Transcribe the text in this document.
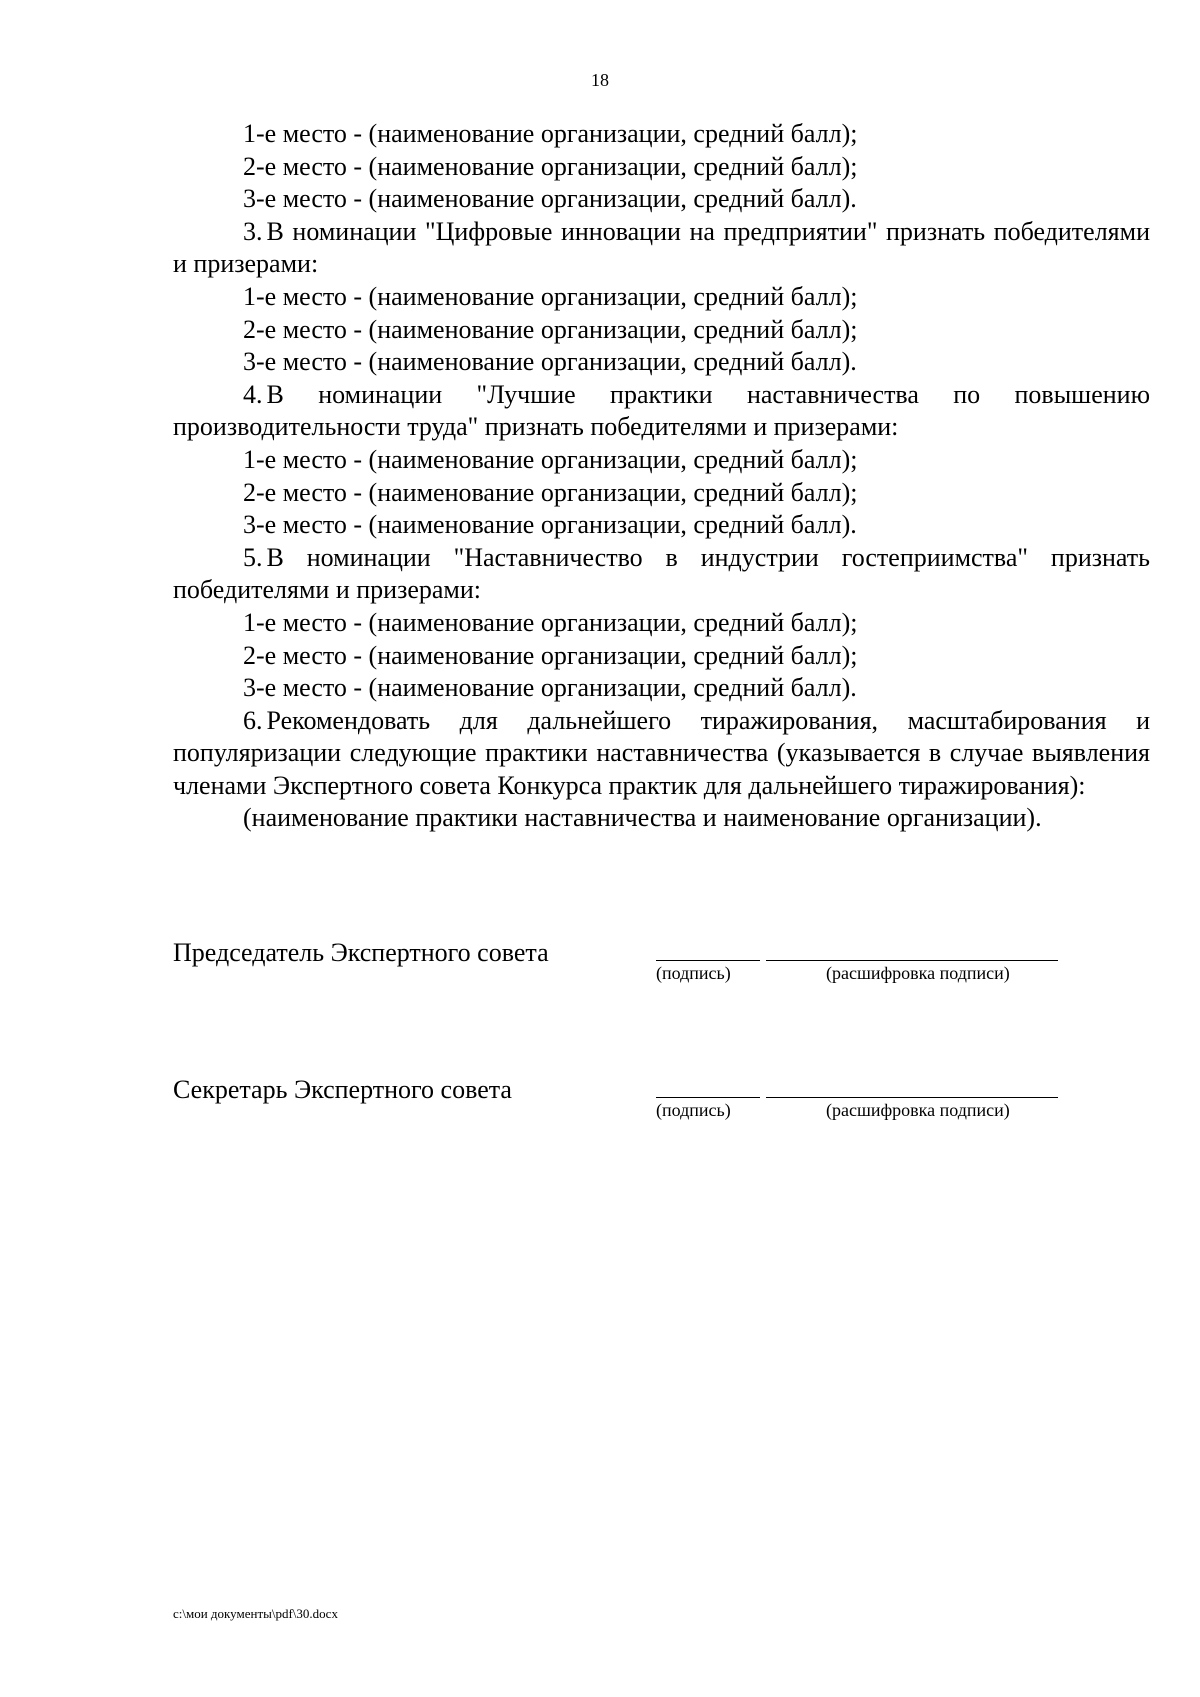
18
1-е место - (наименование организации, средний балл);
2-е место - (наименование организации, средний балл);
3-е место - (наименование организации, средний балл).
3. В номинации "Цифровые инновации на предприятии" признать победителями и призерами:
1-е место - (наименование организации, средний балл);
2-е место - (наименование организации, средний балл);
3-е место - (наименование организации, средний балл).
4. В номинации "Лучшие практики наставничества по повышению производительности труда" признать победителями и призерами:
1-е место - (наименование организации, средний балл);
2-е место - (наименование организации, средний балл);
3-е место - (наименование организации, средний балл).
5. В номинации "Наставничество в индустрии гостеприимства" признать победителями и призерами:
1-е место - (наименование организации, средний балл);
2-е место - (наименование организации, средний балл);
3-е место - (наименование организации, средний балл).
6. Рекомендовать для дальнейшего тиражирования, масштабирования и популяризации следующие практики наставничества (указывается в случае выявления членами Экспертного совета Конкурса практик для дальнейшего тиражирования):
(наименование практики наставничества и наименование организации).
Председатель Экспертного совета
(подпись)	(расшифровка подписи)
Секретарь Экспертного совета
(подпись)	(расшифровка подписи)
c:\мои документы\pdf\30.docx
